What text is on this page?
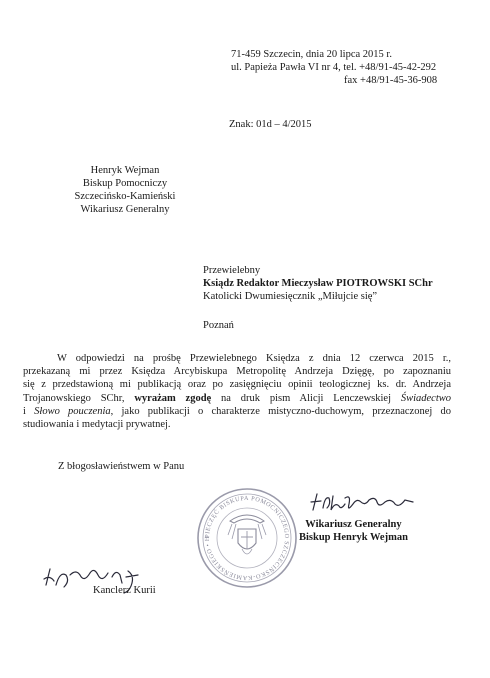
71-459 Szczecin, dnia 20 lipca 2015 r.
ul. Papieża Pawła VI nr 4, tel. +48/91-45-42-292
fax +48/91-45-36-908
Znak: 01d – 4/2015
Henryk Wejman
Biskup Pomocniczy
Szczecińsko-Kamieński
Wikariusz Generalny
Przewielebny
Ksiądz Redaktor Mieczysław PIOTROWSKI SChr
Katolicki Dwumiesięcznik „Miłujcie się”
Poznań
W odpowiedzi na prośbę Przewielebnego Księdza z dnia 12 czerwca 2015 r.,
przekazaną mi przez Księdza Arcybiskupa Metropolitę Andrzeja Dzięgę, po zapoznaniu
się z przedstawioną mi publikacją oraz po zasięgnięciu opinii teologicznej ks. dr. Andrzeja
Trojanowskiego SChr, wyrażam zgodę na druk pism Alicji Lenczewskiej Świadectwo
i Słowo pouczenia, jako publikacji o charakterze mistyczno-duchowym, przeznaczonej do
studiowania i medytacji prywatnej.
Z błogosławieństwem w Panu
PIECZĘĆ BISKUPA POMOCNICZEGO SZCZECIŃSKO-KAMIEŃSKIEGO • H
Wikariusz Generalny
Biskup Henryk Wejman
Kanclerz Kurii
